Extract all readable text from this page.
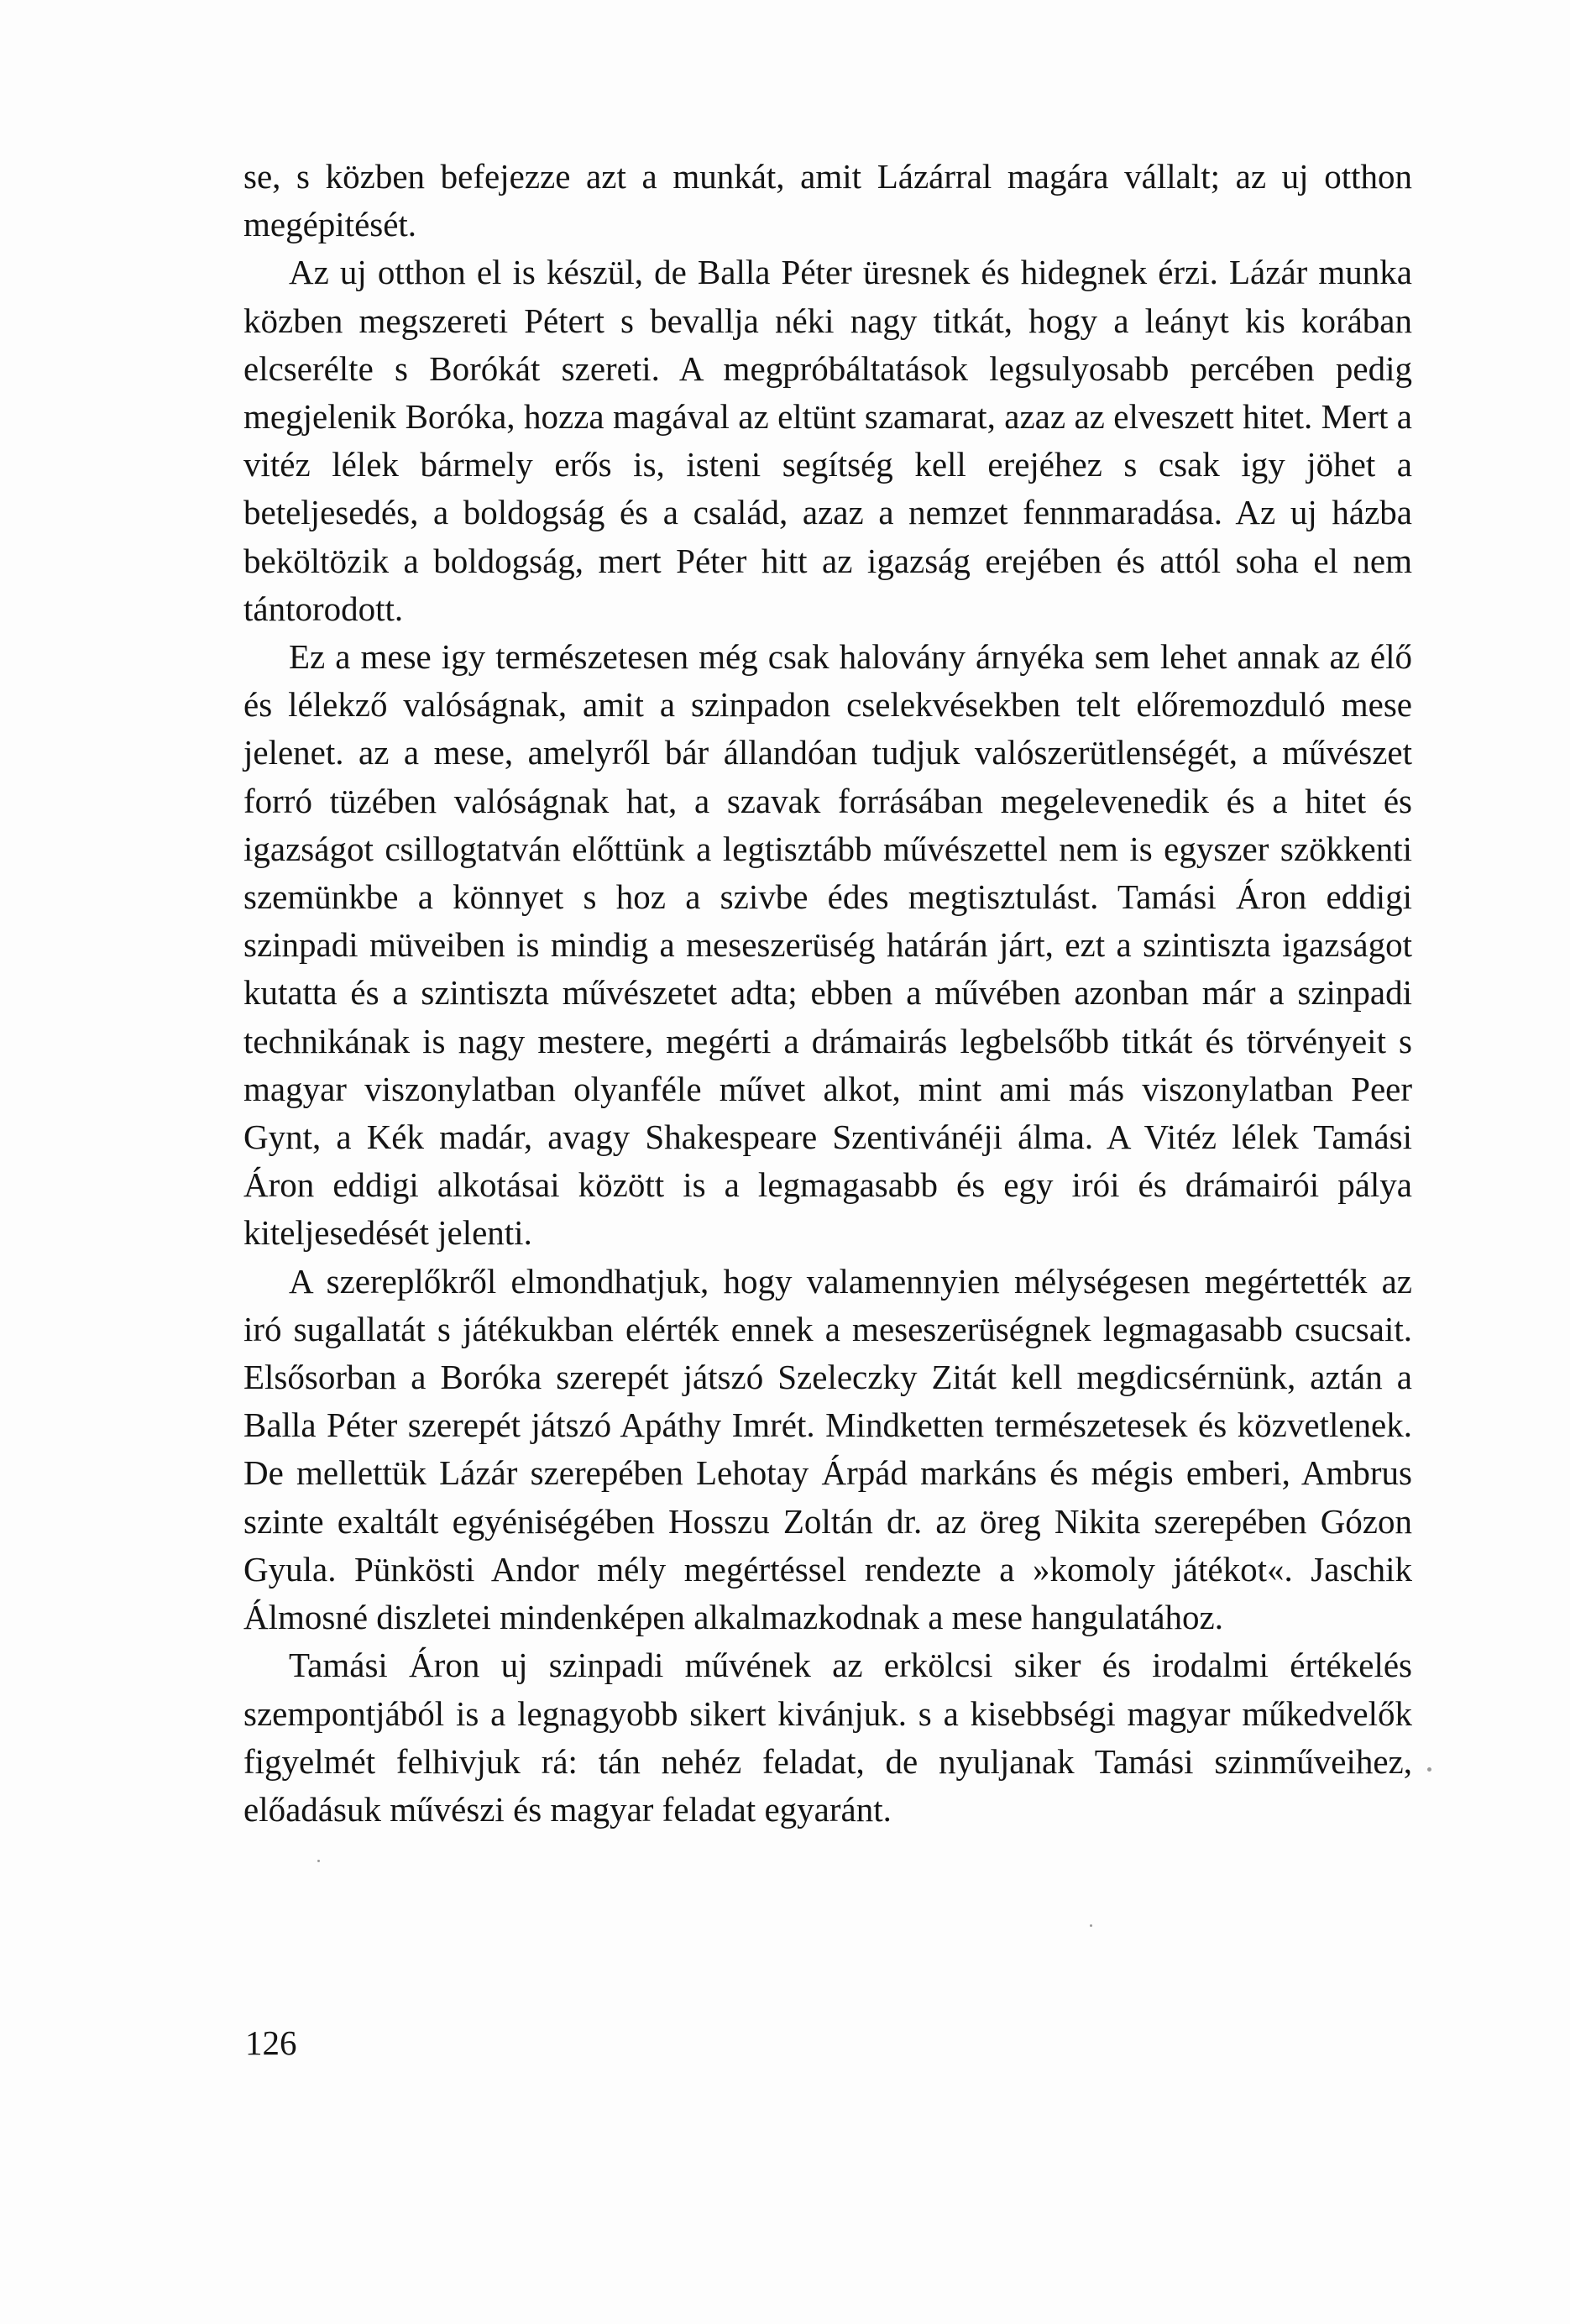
se, s közben befejezze azt a munkát, amit Lázárral magára vállalt; az uj otthon megépitését.

Az uj otthon el is készül, de Balla Péter üresnek és hidegnek érzi. Lázár munka közben megszereti Pétert s bevallja néki nagy titkát, hogy a leányt kis korában elcserélte s Borókát szereti. A megpróbáltatások legsulyosabb percében pedig megjelenik Boróka, hozza magával az eltünt szamarat, azaz az elveszett hitet. Mert a vitéz lélek bármely erős is, isteni segítség kell erejéhez s csak igy jöhet a beteljesedés, a boldogság és a család, azaz a nemzet fennmaradása. Az uj házba beköltözik a boldogság, mert Péter hitt az igazság erejében és attól soha el nem tántorodott.

Ez a mese igy természetesen még csak halovány árnyéka sem lehet annak az élő és lélekző valóságnak, amit a szinpadon cselekvésekben telt előremozduló mese jelenet. az a mese, amelyről bár állandóan tudjuk valószerütlenségét, a művészet forró tüzében valóságnak hat, a szavak forrásában megelevenedik és a hitet és igazságot csillogtatván előttünk a legtisztább művészettel nem is egyszer szökkenti szemünkbe a könnyet s hoz a szivbe édes megtisztulást. Tamási Áron eddigi szinpadi müveiben is mindig a meseszerüség határán járt, ezt a szintiszta igazságot kutatta és a szintiszta művészetet adta; ebben a művében azonban már a szinpadi technikának is nagy mestere, megérti a drámairás legbelsőbb titkát és törvényeit s magyar viszonylatban olyanféle művet alkot, mint ami más viszonylatban Peer Gynt, a Kék madár, avagy Shakespeare Szentivánéji álma. A Vitéz lélek Tamási Áron eddigi alkotásai között is a legmagasabb és egy irói és drámairói pálya kiteljesedését jelenti.

A szereplőkről elmondhatjuk, hogy valamennyien mélységesen megértették az iró sugallatát s játékukban elérték ennek a meseszerüségnek legmagasabb csucsait. Elsősorban a Boróka szerepét játszó Szeleczky Zitát kell megdicsérnünk, aztán a Balla Péter szerepét játszó Apáthy Imrét. Mindketten természetesek és közvetlenek. De mellettük Lázár szerepében Lehotay Árpád markáns és mégis emberi, Ambrus szinte exaltált egyéniségében Hosszu Zoltán dr. az öreg Nikita szerepében Gózon Gyula. Pünkösti Andor mély megértéssel rendezte a »komoly játékot«. Jaschik Álmosné diszletei mindenképen alkalmazkodnak a mese hangulatához.

Tamási Áron uj szinpadi művének az erkölcsi siker és irodalmi értékelés szempontjából is a legnagyobb sikert kivánjuk. s a kisebbségi magyar műkedvelők figyelmét felhivjuk rá: tán nehéz feladat, de nyuljanak Tamási szinműveihez, előadásuk művészi és magyar feladat egyaránt.

126
